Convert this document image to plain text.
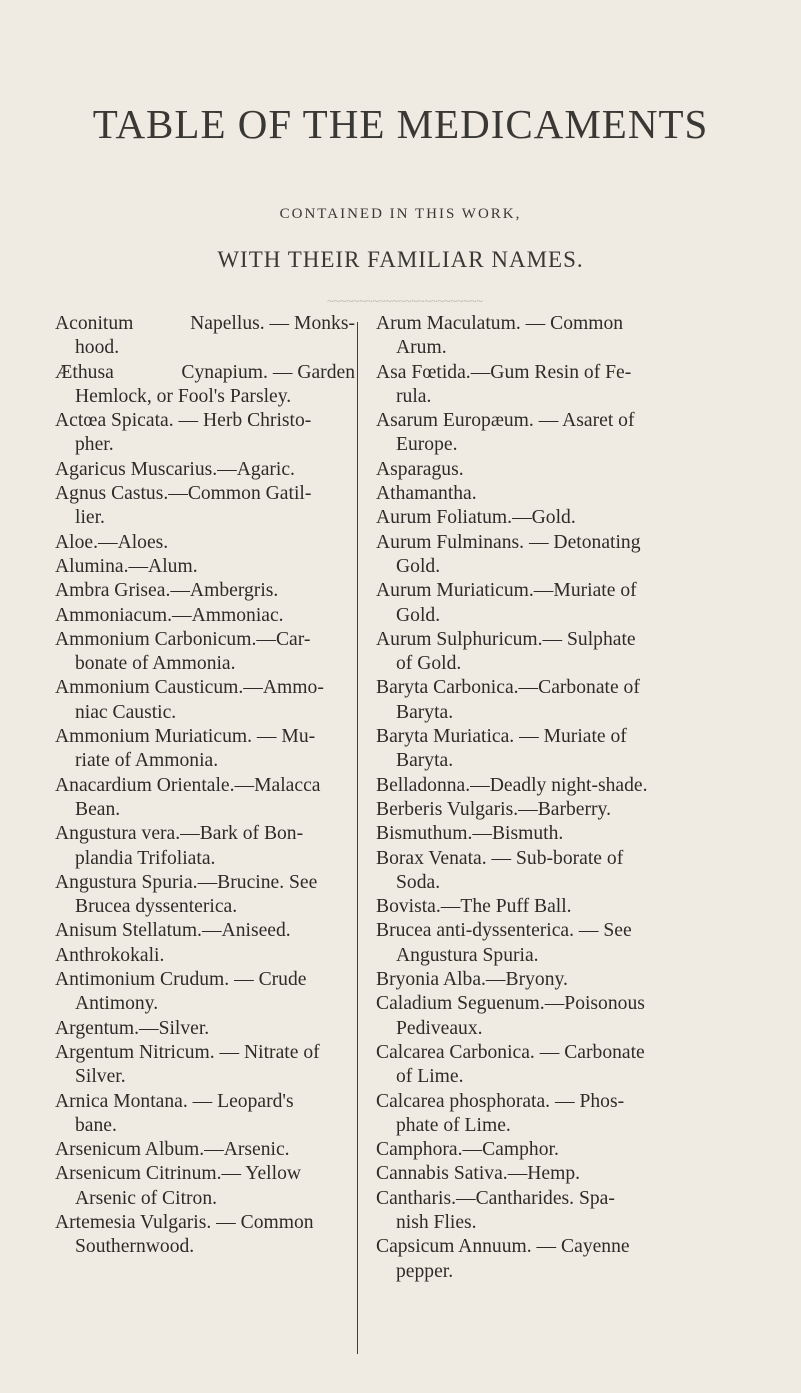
TABLE OF THE MEDICAMENTS
CONTAINED IN THIS WORK,
WITH THEIR FAMILIAR NAMES.
~~~~~~~~~~~~~~~~~~~~~~~~
Aconitum	Napellus. — Monks-
hood.
Æthusa	Cynapium. — Garden
Hemlock, or Fool's Parsley.
Actœa Spicata. — Herb Christo-
pher.
Agaricus Muscarius.—Agaric.
Agnus Castus.—Common Gatil-
lier.
Aloe.—Aloes.
Alumina.—Alum.
Ambra Grisea.—Ambergris.
Ammoniacum.—Ammoniac.
Ammonium Carbonicum.—Car-
bonate of Ammonia.
Ammonium Causticum.—Ammo-
niac Caustic.
Ammonium Muriaticum. — Mu-
riate of Ammonia.
Anacardium Orientale.—Malacca
Bean.
Angustura vera.—Bark of Bon-
plandia Trifoliata.
Angustura Spuria.—Brucine. See
Brucea dyssenterica.
Anisum Stellatum.—Aniseed.
Anthrokokali.
Antimonium Crudum. — Crude
Antimony.
Argentum.—Silver.
Argentum Nitricum. — Nitrate of
Silver.
Arnica Montana. — Leopard's
bane.
Arsenicum Album.—Arsenic.
Arsenicum Citrinum.— Yellow
Arsenic of Citron.
Artemesia Vulgaris. — Common
Southernwood.
Arum Maculatum. — Common
Arum.
Asa Fœtida.—Gum Resin of Fe-
rula.
Asarum Europæum. — Asaret of
Europe.
Asparagus.
Athamantha.
Aurum Foliatum.—Gold.
Aurum Fulminans. — Detonating
Gold.
Aurum Muriaticum.—Muriate of
Gold.
Aurum Sulphuricum.— Sulphate
of Gold.
Baryta Carbonica.—Carbonate of
Baryta.
Baryta Muriatica. — Muriate of
Baryta.
Belladonna.—Deadly night-shade.
Berberis Vulgaris.—Barberry.
Bismuthum.—Bismuth.
Borax Venata. — Sub-borate of
Soda.
Bovista.—The Puff Ball.
Brucea anti-dyssenterica. — See
Angustura Spuria.
Bryonia Alba.—Bryony.
Caladium Seguenum.—Poisonous
Pediveaux.
Calcarea Carbonica. — Carbonate
of Lime.
Calcarea phosphorata. — Phos-
phate of Lime.
Camphora.—Camphor.
Cannabis Sativa.—Hemp.
Cantharis.—Cantharides. Spa-
nish Flies.
Capsicum Annuum. — Cayenne
pepper.
